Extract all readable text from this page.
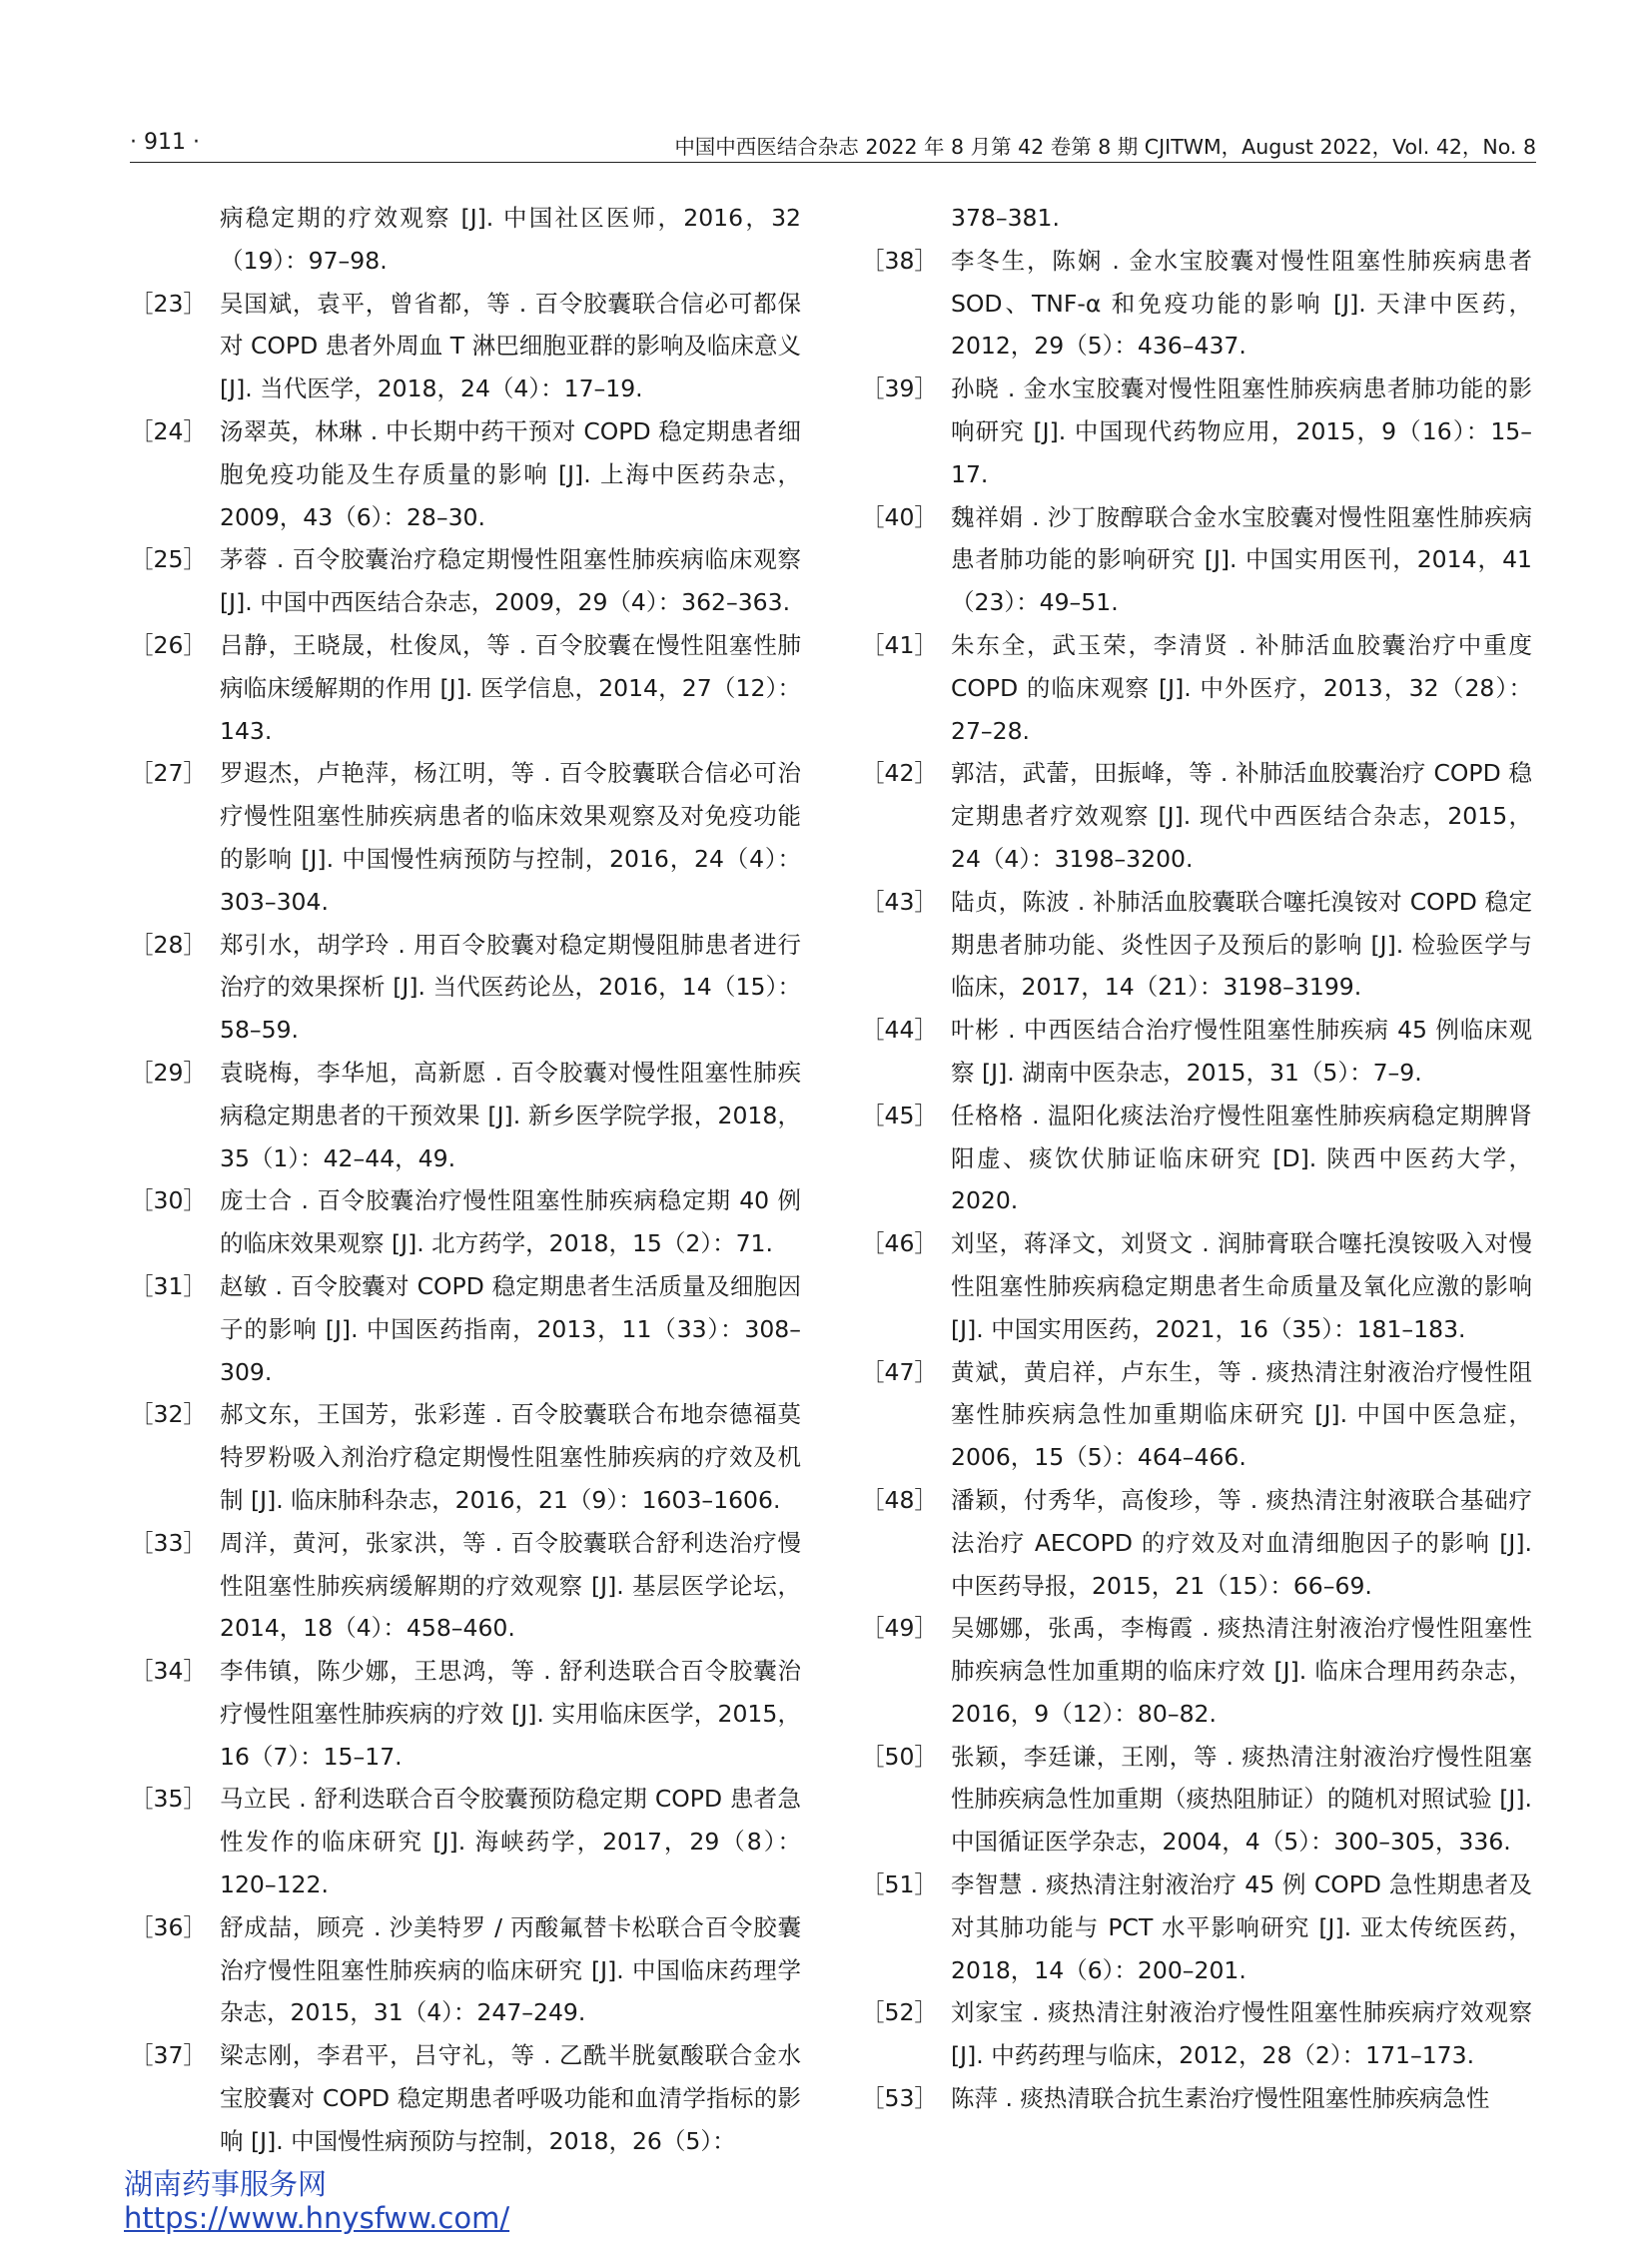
· 911 ·	中国中西医结合杂志 2022 年 8 月第 42 卷第 8 期 CJITWM，August 2022，Vol. 42，No. 8
病稳定期的疗效观察 [J]. 中国社区医师，2016，32（19）：97–98.
［23］ 吴国斌，袁平，曾省都，等 . 百令胶囊联合信必可都保对 COPD 患者外周血 T 淋巴细胞亚群的影响及临床意义 [J]. 当代医学，2018，24（4）：17–19.
［24］ 汤翠英，林琳 . 中长期中药干预对 COPD 稳定期患者细胞免疫功能及生存质量的影响 [J]. 上海中医药杂志，2009，43（6）：28–30.
［25］ 茅蓉 . 百令胶囊治疗稳定期慢性阻塞性肺疾病临床观察 [J]. 中国中西医结合杂志，2009，29（4）：362–363.
［26］ 吕静，王晓晟，杜俊凤，等 . 百令胶囊在慢性阻塞性肺病临床缓解期的作用 [J]. 医学信息，2014，27（12）：143.
［27］ 罗遐杰，卢艳萍，杨江明，等 . 百令胶囊联合信必可治疗慢性阻塞性肺疾病患者的临床效果观察及对免疫功能的影响 [J]. 中国慢性病预防与控制，2016，24（4）：303–304.
［28］ 郑引水，胡学玲 . 用百令胶囊对稳定期慢阻肺患者进行治疗的效果探析 [J]. 当代医药论丛，2016，14（15）：58–59.
［29］ 袁晓梅，李华旭，高新愿 . 百令胶囊对慢性阻塞性肺疾病稳定期患者的干预效果 [J]. 新乡医学院学报，2018，35（1）：42–44，49.
［30］ 庞士合 . 百令胶囊治疗慢性阻塞性肺疾病稳定期 40 例的临床效果观察 [J]. 北方药学，2018，15（2）：71.
［31］ 赵敏 . 百令胶囊对 COPD 稳定期患者生活质量及细胞因子的影响 [J]. 中国医药指南，2013，11（33）：308–309.
［32］ 郝文东，王国芳，张彩莲 . 百令胶囊联合布地奈德福莫特罗粉吸入剂治疗稳定期慢性阻塞性肺疾病的疗效及机制 [J]. 临床肺科杂志，2016，21（9）：1603–1606.
［33］ 周洋，黄河，张家洪，等 . 百令胶囊联合舒利迭治疗慢性阻塞性肺疾病缓解期的疗效观察 [J]. 基层医学论坛，2014，18（4）：458–460.
［34］ 李伟镇，陈少娜，王思鸿，等 . 舒利迭联合百令胶囊治疗慢性阻塞性肺疾病的疗效 [J]. 实用临床医学，2015，16（7）：15–17.
［35］ 马立民 . 舒利迭联合百令胶囊预防稳定期 COPD 患者急性发作的临床研究 [J]. 海峡药学，2017，29（8）：120–122.
［36］ 舒成喆，顾亮 . 沙美特罗 / 丙酸氟替卡松联合百令胶囊治疗慢性阻塞性肺疾病的临床研究 [J]. 中国临床药理学杂志，2015，31（4）：247–249.
［37］ 梁志刚，李君平，吕守礼，等 . 乙酰半胱氨酸联合金水宝胶囊对 COPD 稳定期患者呼吸功能和血清学指标的影响 [J]. 中国慢性病预防与控制，2018，26（5）：
378–381.
［38］ 李冬生，陈娴 . 金水宝胶囊对慢性阻塞性肺疾病患者 SOD、TNF-α 和免疫功能的影响 [J]. 天津中医药，2012，29（5）：436–437.
［39］ 孙晓 . 金水宝胶囊对慢性阻塞性肺疾病患者肺功能的影响研究 [J]. 中国现代药物应用，2015，9（16）：15–17.
［40］ 魏祥娟 . 沙丁胺醇联合金水宝胶囊对慢性阻塞性肺疾病患者肺功能的影响研究 [J]. 中国实用医刊，2014，41（23）：49–51.
［41］ 朱东全，武玉荣，李清贤 . 补肺活血胶囊治疗中重度 COPD 的临床观察 [J]. 中外医疗，2013，32（28）：27–28.
［42］ 郭洁，武蕾，田振峰，等 . 补肺活血胶囊治疗 COPD 稳定期患者疗效观察 [J]. 现代中西医结合杂志，2015，24（4）：3198–3200.
［43］ 陆贞，陈波 . 补肺活血胶囊联合噻托溴铵对 COPD 稳定期患者肺功能、炎性因子及预后的影响 [J]. 检验医学与临床，2017，14（21）：3198–3199.
［44］ 叶彬 . 中西医结合治疗慢性阻塞性肺疾病 45 例临床观察 [J]. 湖南中医杂志，2015，31（5）：7–9.
［45］ 任格格 . 温阳化痰法治疗慢性阻塞性肺疾病稳定期脾肾阳虚、痰饮伏肺证临床研究 [D]. 陕西中医药大学，2020.
［46］ 刘坚，蒋泽文，刘贤文 . 润肺膏联合噻托溴铵吸入对慢性阻塞性肺疾病稳定期患者生命质量及氧化应激的影响 [J]. 中国实用医药，2021，16（35）：181–183.
［47］ 黄斌，黄启祥，卢东生，等 . 痰热清注射液治疗慢性阻塞性肺疾病急性加重期临床研究 [J]. 中国中医急症，2006，15（5）：464–466.
［48］ 潘颖，付秀华，高俊珍，等 . 痰热清注射液联合基础疗法治疗 AECOPD 的疗效及对血清细胞因子的影响 [J]. 中医药导报，2015，21（15）：66–69.
［49］ 吴娜娜，张禹，李梅霞 . 痰热清注射液治疗慢性阻塞性肺疾病急性加重期的临床疗效 [J]. 临床合理用药杂志，2016，9（12）：80–82.
［50］ 张颖，李廷谦，王刚，等 . 痰热清注射液治疗慢性阻塞性肺疾病急性加重期（痰热阻肺证）的随机对照试验 [J]. 中国循证医学杂志，2004，4（5）：300–305，336.
［51］ 李智慧 . 痰热清注射液治疗 45 例 COPD 急性期患者及对其肺功能与 PCT 水平影响研究 [J]. 亚太传统医药，2018，14（6）：200–201.
［52］ 刘家宝 . 痰热清注射液治疗慢性阻塞性肺疾病疗效观察 [J]. 中药药理与临床，2012，28（2）：171–173.
［53］ 陈萍 . 痰热清联合抗生素治疗慢性阻塞性肺疾病急性
湖南药事服务网
https://www.hnysfww.com/
